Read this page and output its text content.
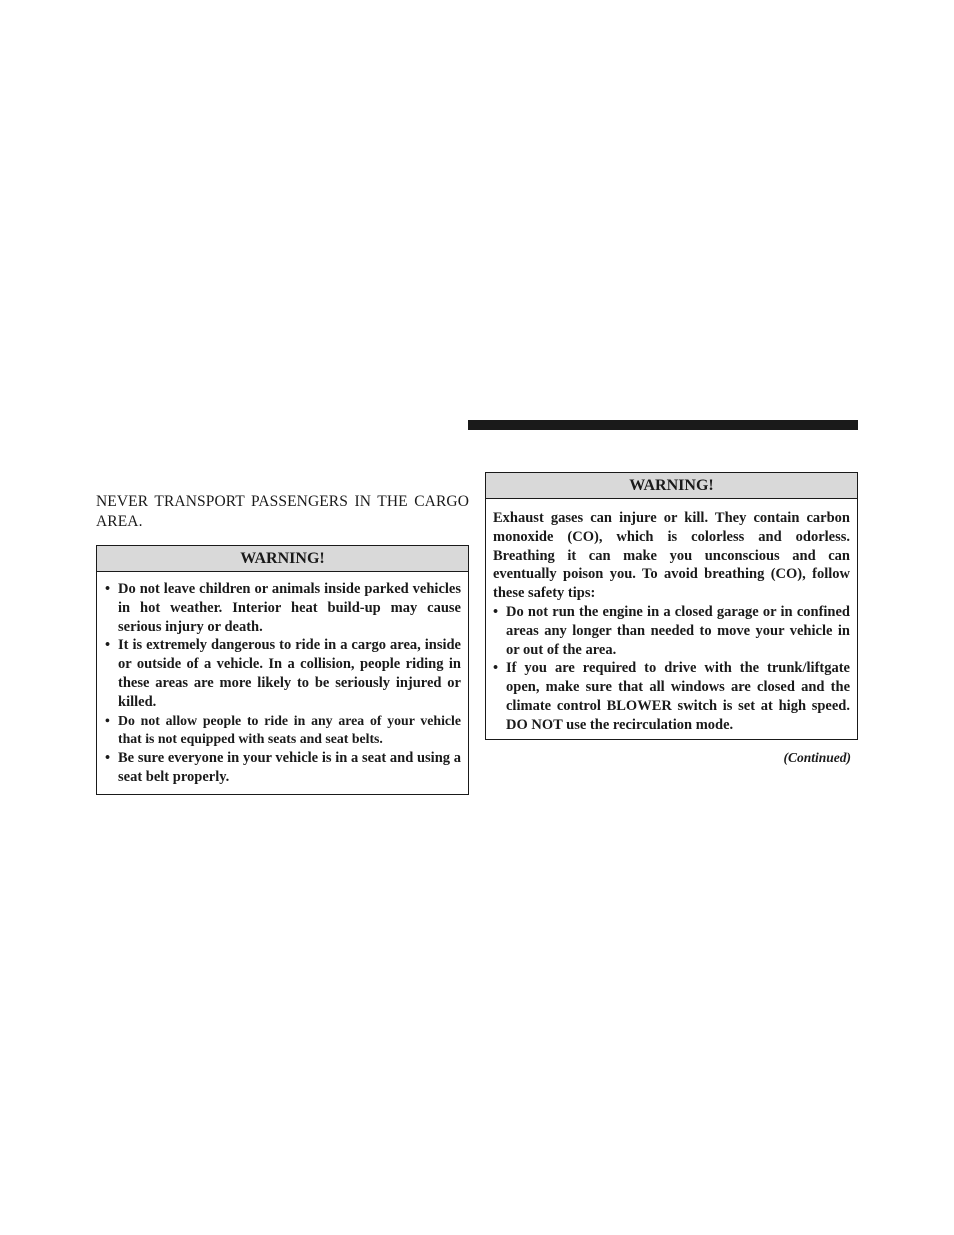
NEVER TRANSPORT PASSENGERS IN THE CARGO AREA.
WARNING!
• Do not leave children or animals inside parked vehicles in hot weather. Interior heat build-up may cause serious injury or death.
• It is extremely dangerous to ride in a cargo area, inside or outside of a vehicle. In a collision, people riding in these areas are more likely to be seriously injured or killed.
• Do not allow people to ride in any area of your vehicle that is not equipped with seats and seat belts.
• Be sure everyone in your vehicle is in a seat and using a seat belt properly.
WARNING!
Exhaust gases can injure or kill. They contain carbon monoxide (CO), which is colorless and odorless. Breathing it can make you unconscious and can eventually poison you. To avoid breathing (CO), follow these safety tips:
• Do not run the engine in a closed garage or in confined areas any longer than needed to move your vehicle in or out of the area.
• If you are required to drive with the trunk/liftgate open, make sure that all windows are closed and the climate control BLOWER switch is set at high speed. DO NOT use the recirculation mode.
(Continued)
